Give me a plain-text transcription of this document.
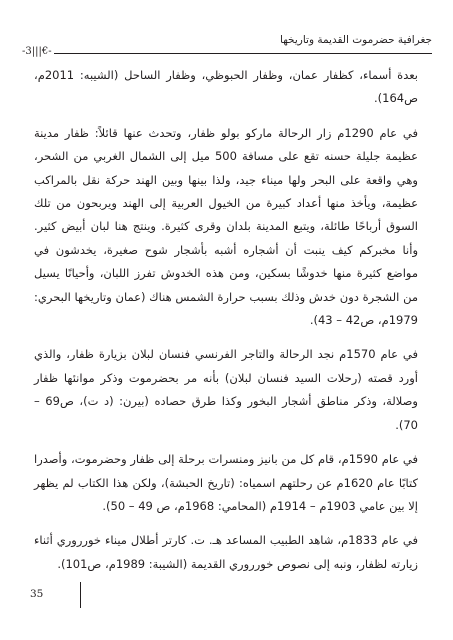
جغرافية حضرموت القديمة وتاريخها
-3|||€-

بعدة أسماء، كظفار عمان، وظفار الحبوظي، وظفار الساحل (الشيبه: 2011م، ص164).

في عام 1290م زار الرحالة ماركو بولو ظفار، وتحدث عنها قائلاً: ظفار مدينة عظيمة جليلة حسنه تقع على مسافة 500 ميل إلى الشمال الغربي من الشحر، وهي واقعة على البحر ولها ميناء جيد، ولذا بينها وبين الهند حركة نقل بالمراكب عظيمة، ويأخذ منها أعداد كبيرة من الخيول العربية إلى الهند ويربحون من تلك السوق أرباحًا طائلة، ويتبع المدينة بلدان وقرى كثيرة. وينتج هنا لبان أبيض كثير. وأنا مخبركم كيف ينبت أن أشجاره أشبه بأشجار شوح صغيرة، يخدشون في مواضع كثيرة منها خدوشًا بسكين، ومن هذه الخدوش تفرز اللبان، وأحيانًا يسيل من الشجرة دون خدش وذلك بسبب حرارة الشمس هناك (عمان وتاريخها البحري: 1979م، ص42 – 43).

في عام 1570م نجد الرحالة والتاجر الفرنسي فنسان لبلان بزيارة ظفار، والذي أورد قصته (رحلات السيد فنسان لبلان) بأنه مر بحضرموت وذكر موانئها ظفار وصلالة، وذكر مناطق أشجار البخور وكذا طرق حصاده (بيرن: (د ت)، ص69 – 70).

في عام 1590م، قام كل من بانيز ومنسرات برحلة إلى ظفار وحضرموت، وأصدرا كتابًا عام 1620م عن رحلتهم اسمياه: (تاريخ الحبشة)، ولكن هذا الكتاب لم يظهر إلا بين عامي 1903م – 1914م (المحامي: 1968م، ص 49 – 50).

في عام 1833م، شاهد الطبيب المساعد هـ. ت. كارتر أطلال ميناء خورروري أثناء زيارته لظفار، ونبه إلى نصوص خورروري القديمة (الشيبة: 1989م، ص101).

35
